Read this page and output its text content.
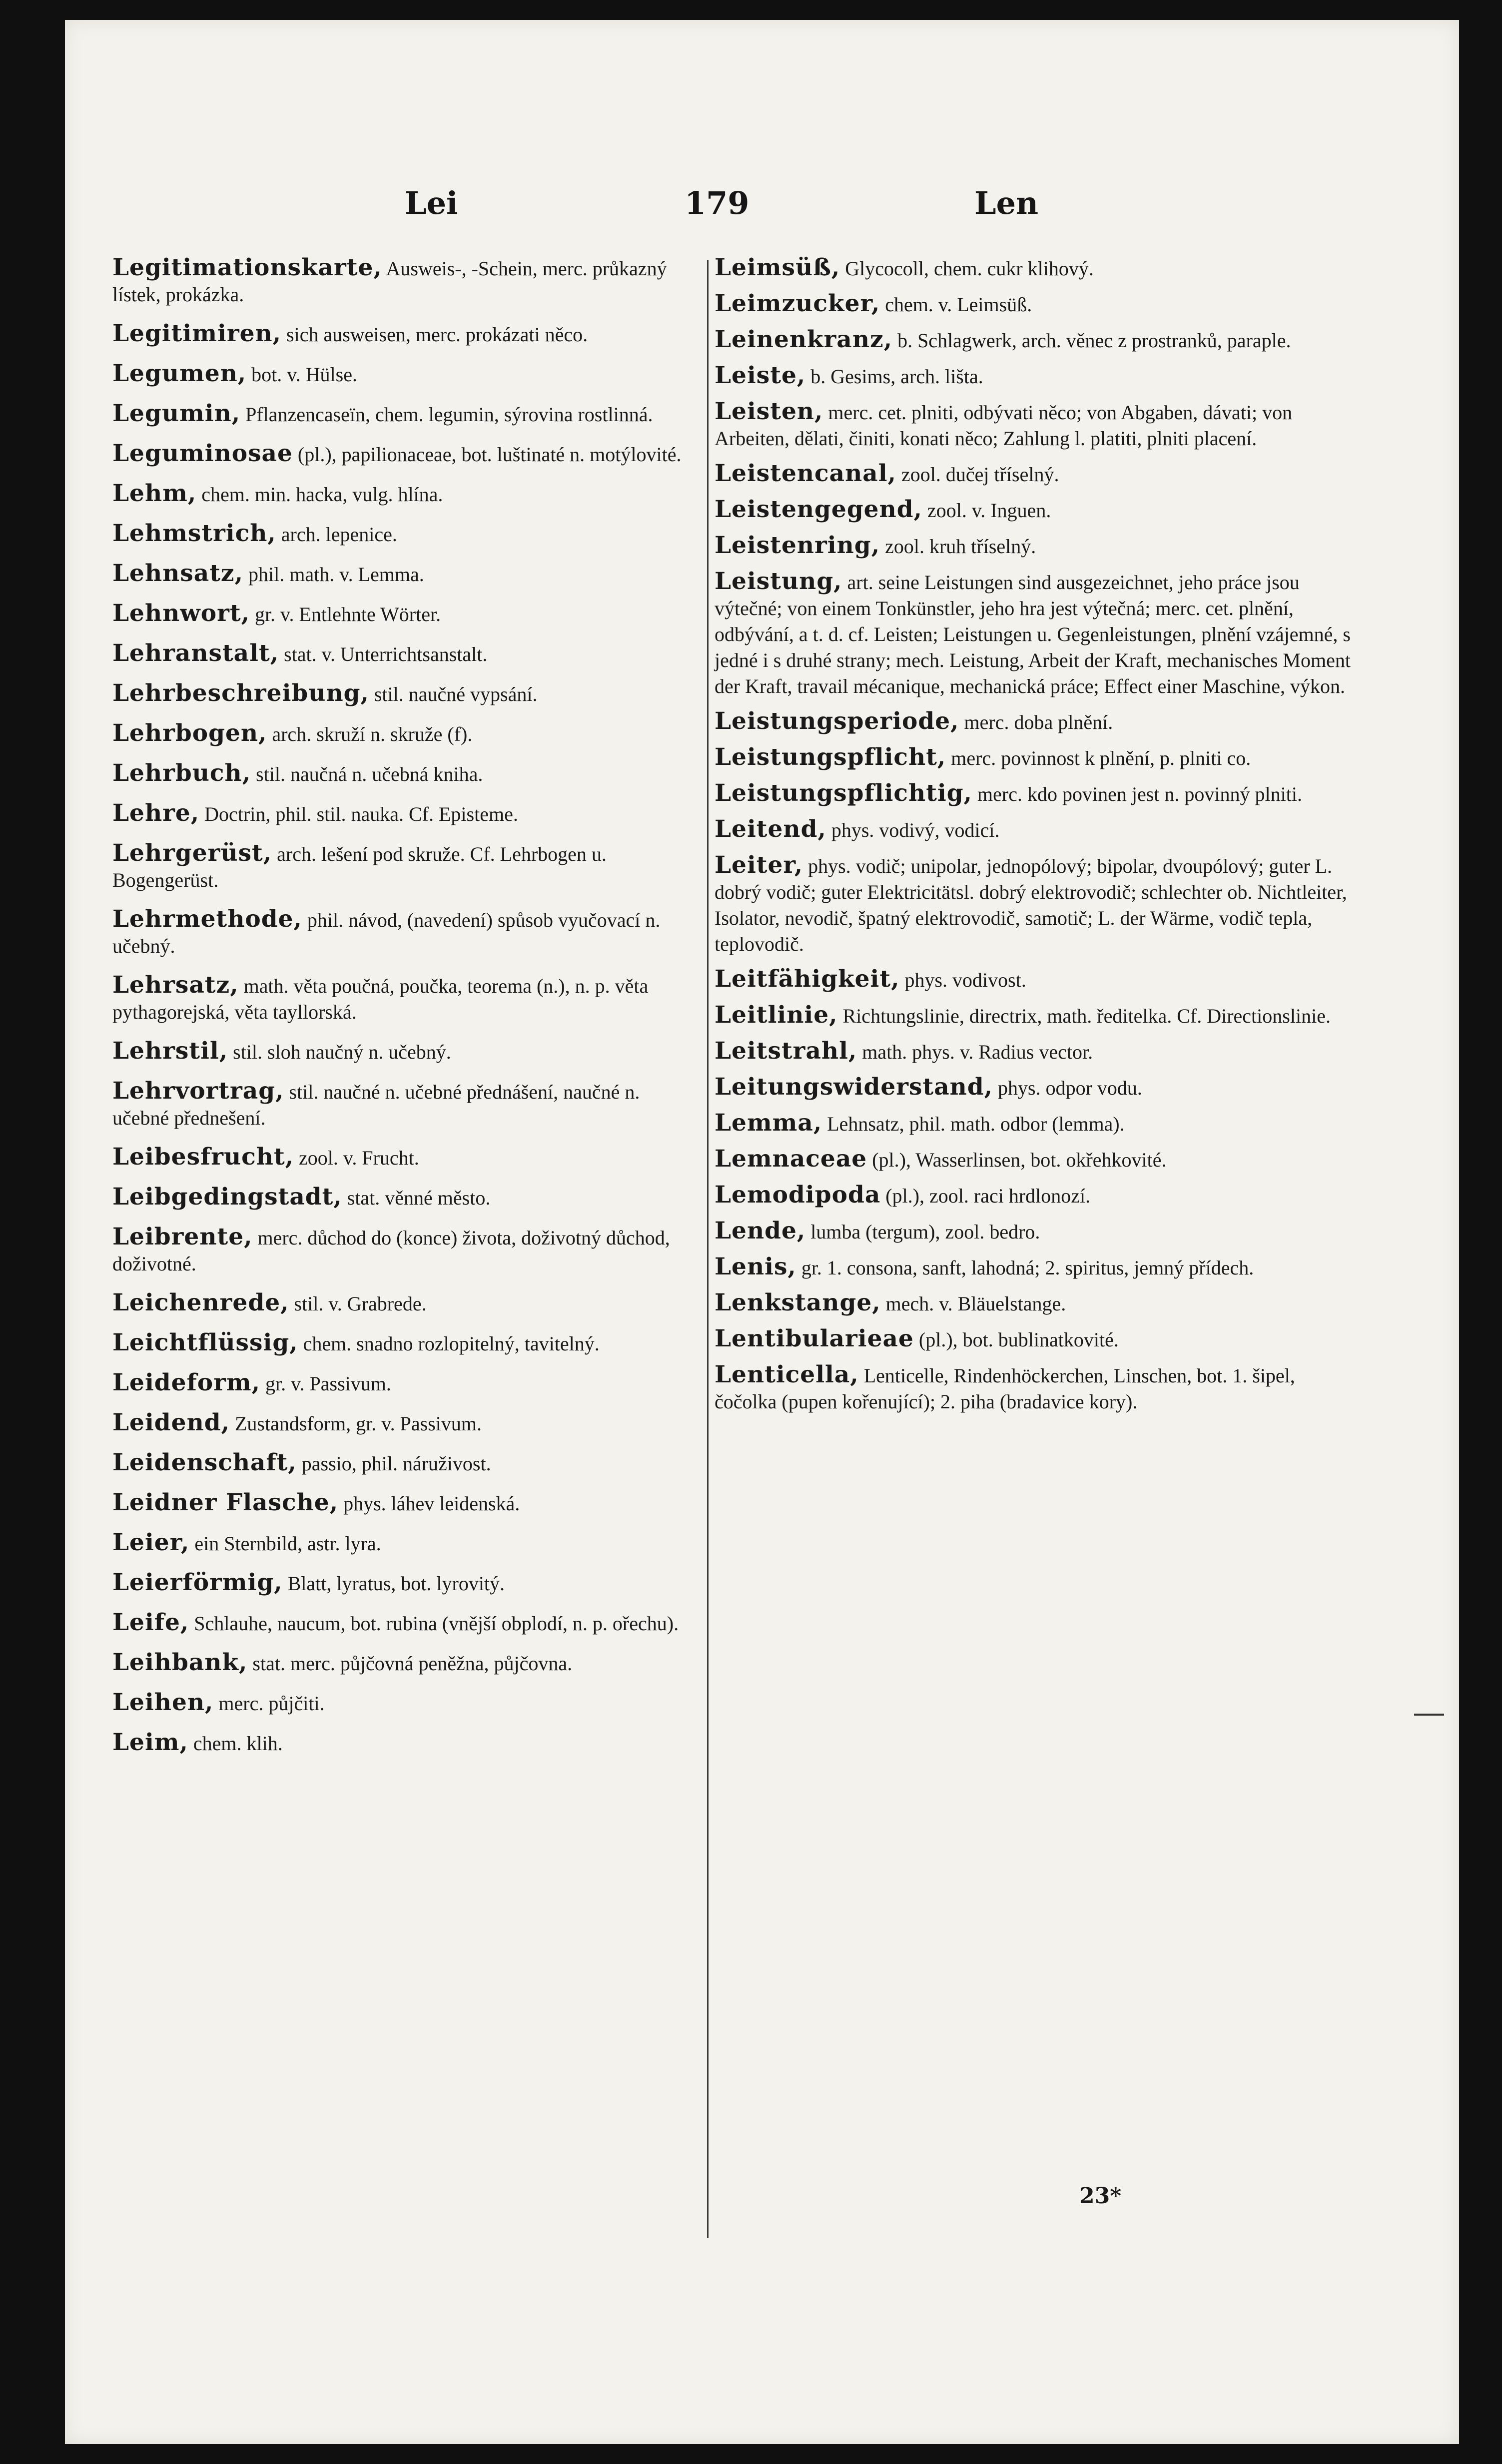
Lei	179	Len
Legitimationskarte, Ausweis-, -Schein, merc. průkazný lístek, prokázka.
Legitimiren, sich ausweisen, merc. prokázati něco.
Legumen, bot. v. Hülse.
Legumin, Pflanzencaseïn, chem. legumin, sýrovina rostlinná.
Leguminosae (pl.), papilionaceae, bot. luštinaté n. motýlovité.
Lehm, chem. min. hacka, vulg. hlína.
Lehmstrich, arch. lepenice.
Lehnsatz, phil. math. v. Lemma.
Lehnwort, gr. v. Entlehnte Wörter.
Lehranstalt, stat. v. Unterrichtsanstalt.
Lehrbeschreibung, stil. naučné vypsání.
Lehrbogen, arch. skruží n. skruže (f).
Lehrbuch, stil. naučná n. učebná kniha.
Lehre, Doctrin, phil. stil. nauka. Cf. Episteme.
Lehrgerüst, arch. lešení pod skruže. Cf. Lehrbogen u. Bogengerüst.
Lehrmethode, phil. návod, (navedení) spůsob vyučovací n. učebný.
Lehrsatz, math. věta poučná, poučka, teorema (n.), n. p. věta pythagorejská, věta tayllorská.
Lehrstil, stil. sloh naučný n. učebný.
Lehrvortrag, stil. naučné n. učebné přednášení, naučné n. učebné přednešení.
Leibesfrucht, zool. v. Frucht.
Leibgedingstadt, stat. věnné město.
Leibrente, merc. důchod do (konce) života, doživotný důchod, doživotné.
Leichenrede, stil. v. Grabrede.
Leichtflüssig, chem. snadno rozlopitelný, tavitelný.
Leideform, gr. v. Passivum.
Leidend, Zustandsform, gr. v. Passivum.
Leidenschaft, passio, phil. náruživost.
Leidner Flasche, phys. láhev leidenská.
Leier, ein Sternbild, astr. lyra.
Leierförmig, Blatt, lyratus, bot. lyrovitý.
Leife, Schlauhe, naucum, bot. rubina (vnější obplodí, n. p. ořechu).
Leihbank, stat. merc. půjčovná peněžna, půjčovna.
Leihen, merc. půjčiti.
Leim, chem. klih.
Leimsüß, Glycocoll, chem. cukr klihový.
Leimzucker, chem. v. Leimsüß.
Leinenkranz, b. Schlagwerk, arch. věnec z prostranků, paraple.
Leiste, b. Gesims, arch. lišta.
Leisten, merc. cet. plniti, odbývati něco; von Abgaben, dávati; von Arbeiten, dělati, činiti, konati něco; Zahlung l. platiti, plniti placení.
Leistencanal, zool. dučej tříselný.
Leistengegend, zool. v. Inguen.
Leistenring, zool. kruh tříselný.
Leistung, art. seine Leistungen sind ausgezeichnet, jeho práce jsou výtečné; von einem Tonkünstler, jeho hra jest výtečná; merc. cet. plnění, odbývání, a t. d. cf. Leisten; Leistungen u. Gegenleistungen, plnění vzájemné, s jedné i s druhé strany; mech. Leistung, Arbeit der Kraft, mechanisches Moment der Kraft, travail mécanique, mechanická práce; Effect einer Maschine, výkon.
Leistungsperiode, merc. doba plnění.
Leistungspflicht, merc. povinnost k plnění, p. plniti co.
Leistungspflichtig, merc. kdo povinen jest n. povinný plniti.
Leitend, phys. vodivý, vodicí.
Leiter, phys. vodič; unipolar, jednopólový; bipolar, dvoupólový; guter L. dobrý vodič; guter Elektricitätsl. dobrý elektrovodič; schlechter ob. Nichtleiter, Isolator, nevodič, špatný elektrovodič, samotič; L. der Wärme, vodič tepla, teplovodič.
Leitfähigkeit, phys. vodivost.
Leitlinie, Richtungslinie, directrix, math. ředitelka. Cf. Directionslinie.
Leitstrahl, math. phys. v. Radius vector.
Leitungswiderstand, phys. odpor vodu.
Lemma, Lehnsatz, phil. math. odbor (lemma).
Lemnaceae (pl.), Wasserlinsen, bot. okřehkovité.
Lemodipoda (pl.), zool. raci hrdlonozí.
Lende, lumba (tergum), zool. bedro.
Lenis, gr. 1. consona, sanft, lahodná; 2. spiritus, jemný přídech.
Lenkstange, mech. v. Bläuelstange.
Lentibularieae (pl.), bot. bublinatkovité.
Lenticella, Lenticelle, Rindenhöckerchen, Linschen, bot. 1. šipel, čočolka (pupen kořenující); 2. piha (bradavice kory).
23*
